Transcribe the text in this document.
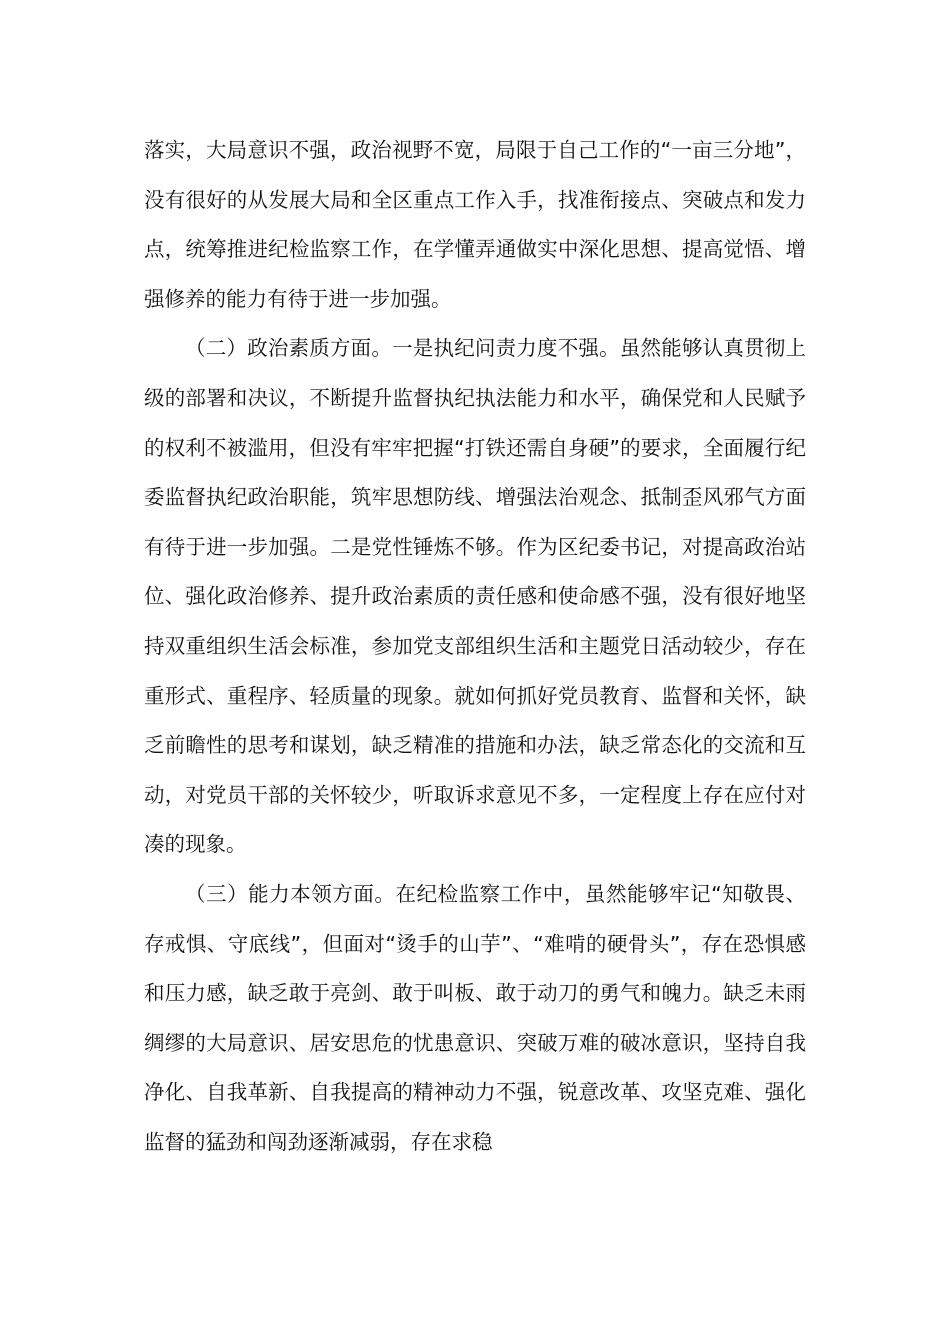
落实，大局意识不强，政治视野不宽，局限于自己工作的“一亩三分地”，没有很好的从发展大局和全区重点工作入手，找准衔接点、突破点和发力点，统筹推进纪检监察工作，在学懂弄通做实中深化思想、提高觉悟、增强修养的能力有待于进一步加强。

（二）政治素质方面。一是执纪问责力度不强。虽然能够认真贯彻上级的部署和决议，不断提升监督执纪执法能力和水平，确保党和人民赋予的权利不被滥用，但没有牢牢把握“打铁还需自身硬”的要求，全面履行纪委监督执纪政治职能，筑牢思想防线、增强法治观念、抵制歪风邪气方面有待于进一步加强。二是党性锤炼不够。作为区纪委书记，对提高政治站位、强化政治修养、提升政治素质的责任感和使命感不强，没有很好地坚持双重组织生活会标准，参加党支部组织生活和主题党日活动较少，存在重形式、重程序、轻质量的现象。就如何抓好党员教育、监督和关怀，缺乏前瞻性的思考和谋划，缺乏精准的措施和办法，缺乏常态化的交流和互动，对党员干部的关怀较少，听取诉求意见不多，一定程度上存在应付对凑的现象。

（三）能力本领方面。在纪检监察工作中，虽然能够牢记“知敬畏、存戒惧、守底线”，但面对“烫手的山芋”、“难啃的硬骨头”，存在恐惧感和压力感，缺乏敢于亮剑、敢于叫板、敢于动刀的勇气和魄力。缺乏未雨绸缪的大局意识、居安思危的忧患意识、突破万难的破冰意识，坚持自我净化、自我革新、自我提高的精神动力不强，锐意改革、攻坚克难、强化监督的猛劲和闯劲逐渐减弱，存在求稳
